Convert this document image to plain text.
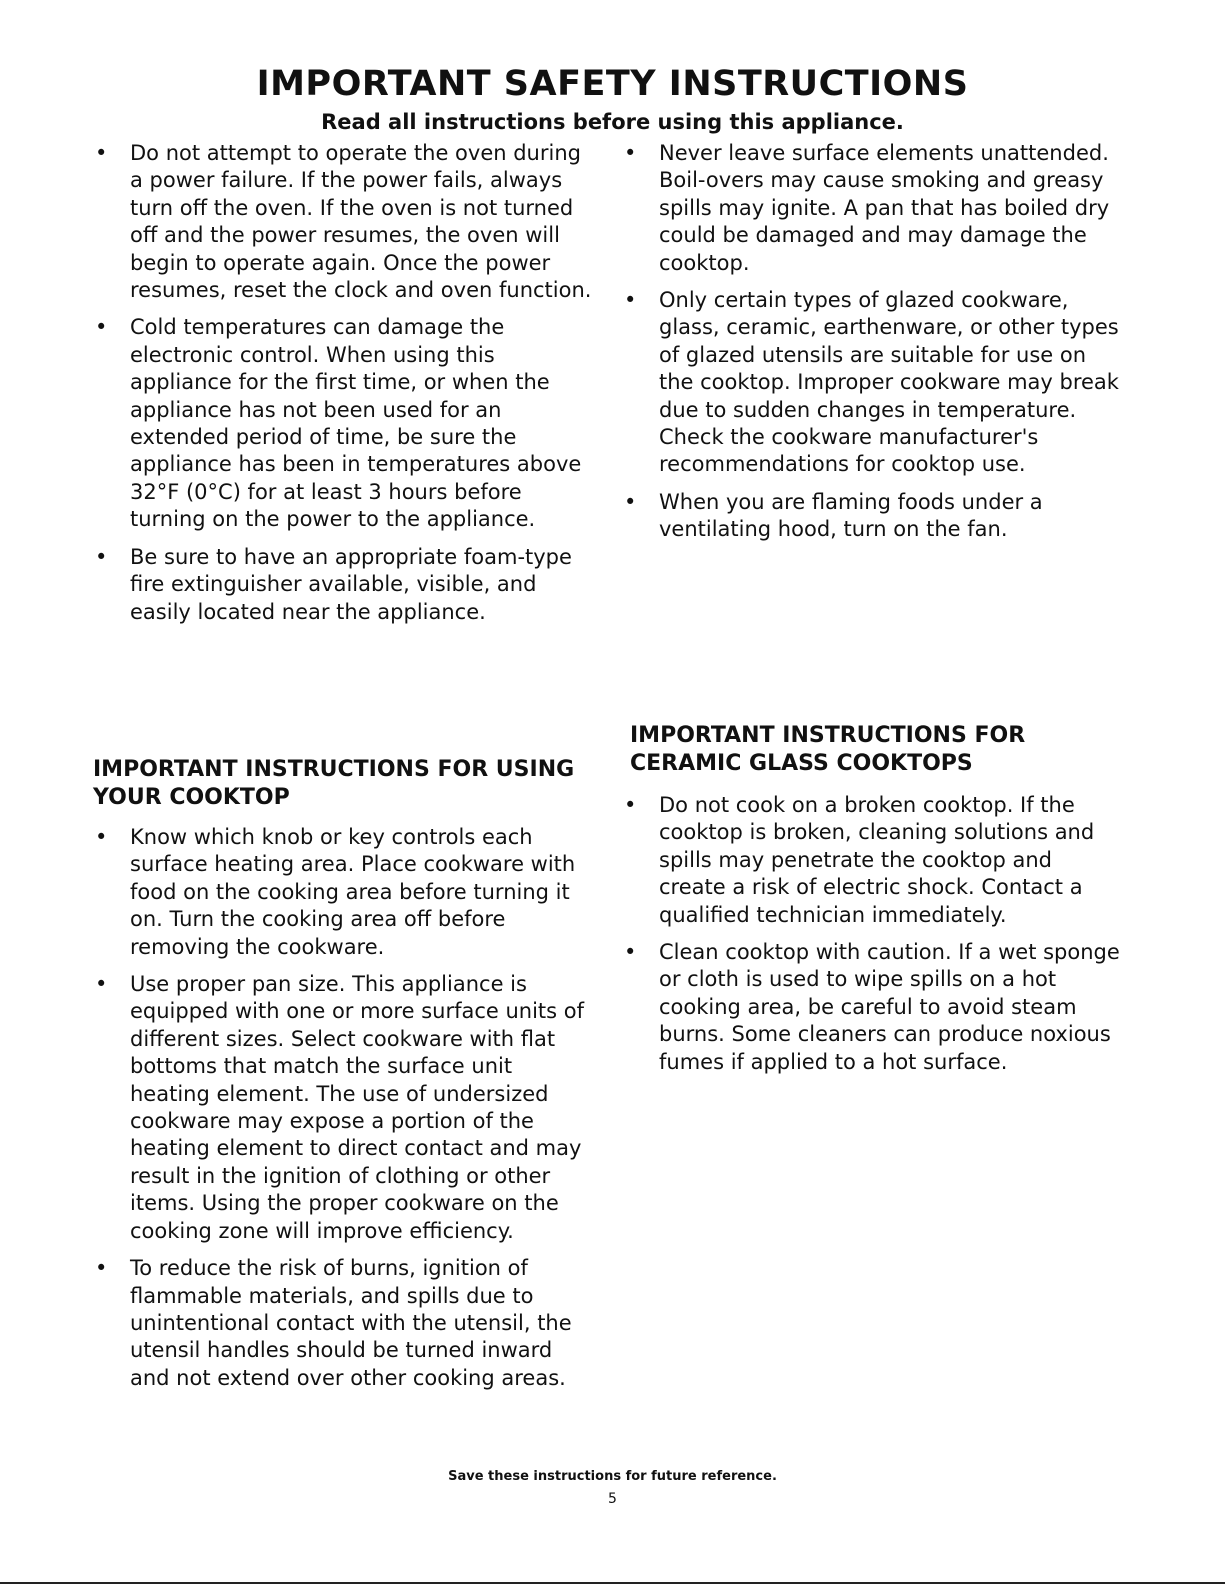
IMPORTANT SAFETY INSTRUCTIONS
Read all instructions before using this appliance.
• Do not attempt to operate the oven during a power failure. If the power fails, always turn off the oven. If the oven is not turned off and the power resumes, the oven will begin to operate again. Once the power resumes, reset the clock and oven function.
• Cold temperatures can damage the electronic control. When using this appliance for the first time, or when the appliance has not been used for an extended period of time, be sure the appliance has been in temperatures above 32°F (0°C) for at least 3 hours before turning on the power to the appliance.
• Be sure to have an appropriate foam-type fire extinguisher available, visible, and easily located near the appliance.
• Never leave surface elements unattended. Boil-overs may cause smoking and greasy spills may ignite. A pan that has boiled dry could be damaged and may damage the cooktop.
• Only certain types of glazed cookware, glass, ceramic, earthenware, or other types of glazed utensils are suitable for use on the cooktop. Improper cookware may break due to sudden changes in temperature. Check the cookware manufacturer's recommendations for cooktop use.
• When you are flaming foods under a ventilating hood, turn on the fan.
IMPORTANT INSTRUCTIONS FOR USING
YOUR COOKTOP
• Know which knob or key controls each surface heating area. Place cookware with food on the cooking area before turning it on. Turn the cooking area off before removing the cookware.
• Use proper pan size. This appliance is equipped with one or more surface units of different sizes. Select cookware with flat bottoms that match the surface unit heating element. The use of undersized cookware may expose a portion of the heating element to direct contact and may result in the ignition of clothing or other items. Using the proper cookware on the cooking zone will improve efficiency.
• To reduce the risk of burns, ignition of flammable materials, and spills due to unintentional contact with the utensil, the utensil handles should be turned inward and not extend over other cooking areas.
IMPORTANT INSTRUCTIONS FOR
CERAMIC GLASS COOKTOPS
• Do not cook on a broken cooktop. If the cooktop is broken, cleaning solutions and spills may penetrate the cooktop and create a risk of electric shock. Contact a qualified technician immediately.
• Clean cooktop with caution. If a wet sponge or cloth is used to wipe spills on a hot cooking area, be careful to avoid steam burns. Some cleaners can produce noxious fumes if applied to a hot surface.

Save these instructions for future reference.

5
